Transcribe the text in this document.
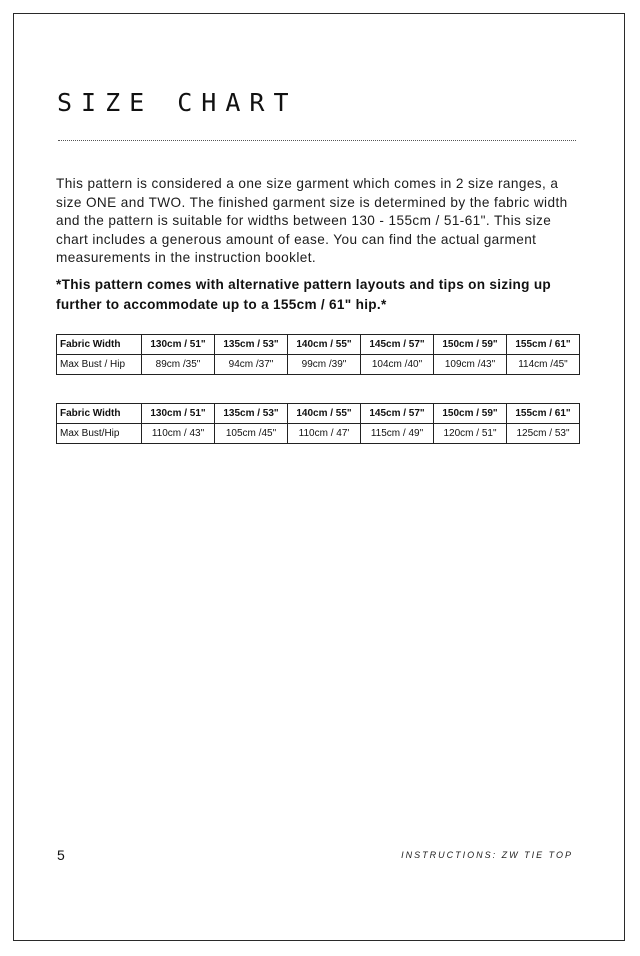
SIZE CHART

This pattern is considered a one size garment which comes in 2 size ranges, a size ONE and TWO. The finished garment size is determined by the fabric width and the pattern is suitable for widths between 130 - 155cm / 51-61". This size chart includes a generous amount of ease. You can find the actual garment measurements in the instruction booklet.

*This pattern comes with alternative pattern layouts and tips on sizing up further to accommodate up to a 155cm / 61" hip.*

Fabric Width	130cm / 51"	135cm / 53"	140cm / 55"	145cm / 57"	150cm / 59"	155cm / 61"
Max Bust / Hip	89cm /35"	94cm /37"	99cm /39"	104cm /40"	109cm /43"	114cm /45"
Fabric Width	130cm / 51"	135cm / 53"	140cm / 55"	145cm / 57"	150cm / 59"	155cm / 61"
Max Bust/Hip	110cm / 43"	105cm /45"	110cm / 47'	115cm / 49"	120cm / 51"	125cm / 53"
5	INSTRUCTIONS: ZW TIE TOP
